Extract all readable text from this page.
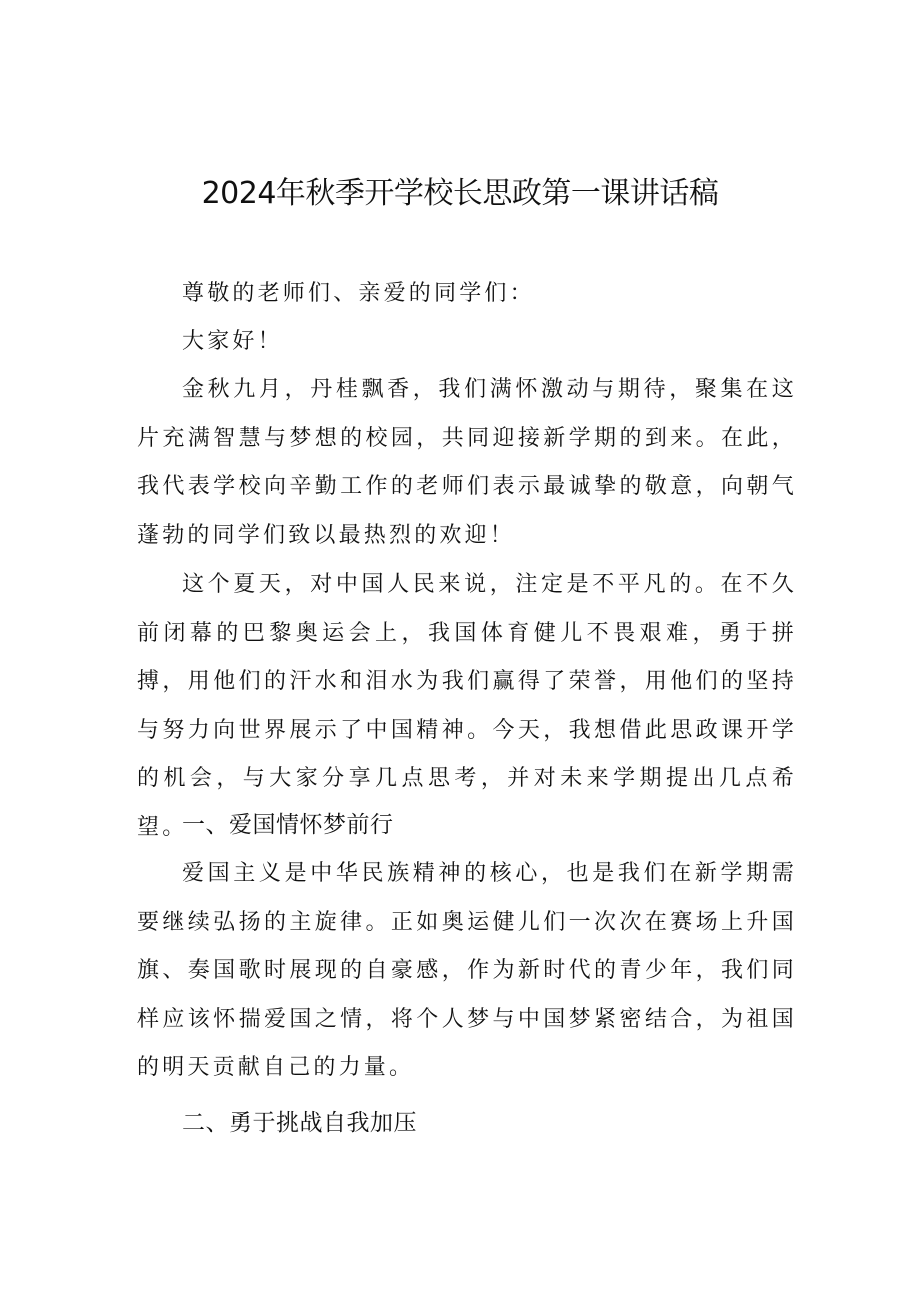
2024年秋季开学校长思政第一课讲话稿

尊敬的老师们、亲爱的同学们：

大家好！

金秋九月，丹桂飘香，我们满怀激动与期待，聚集在这片充满智慧与梦想的校园，共同迎接新学期的到来。在此，我代表学校向辛勤工作的老师们表示最诚挚的敬意，向朝气蓬勃的同学们致以最热烈的欢迎！

这个夏天，对中国人民来说，注定是不平凡的。在不久前闭幕的巴黎奥运会上，我国体育健儿不畏艰难，勇于拼搏，用他们的汗水和泪水为我们赢得了荣誉，用他们的坚持与努力向世界展示了中国精神。今天，我想借此思政课开学的机会，与大家分享几点思考，并对未来学期提出几点希望。

一、爱国情怀梦前行

爱国主义是中华民族精神的核心，也是我们在新学期需要继续弘扬的主旋律。正如奥运健儿们一次次在赛场上升国旗、奏国歌时展现的自豪感，作为新时代的青少年，我们同样应该怀揣爱国之情，将个人梦与中国梦紧密结合，为祖国的明天贡献自己的力量。

二、勇于挑战自我加压
